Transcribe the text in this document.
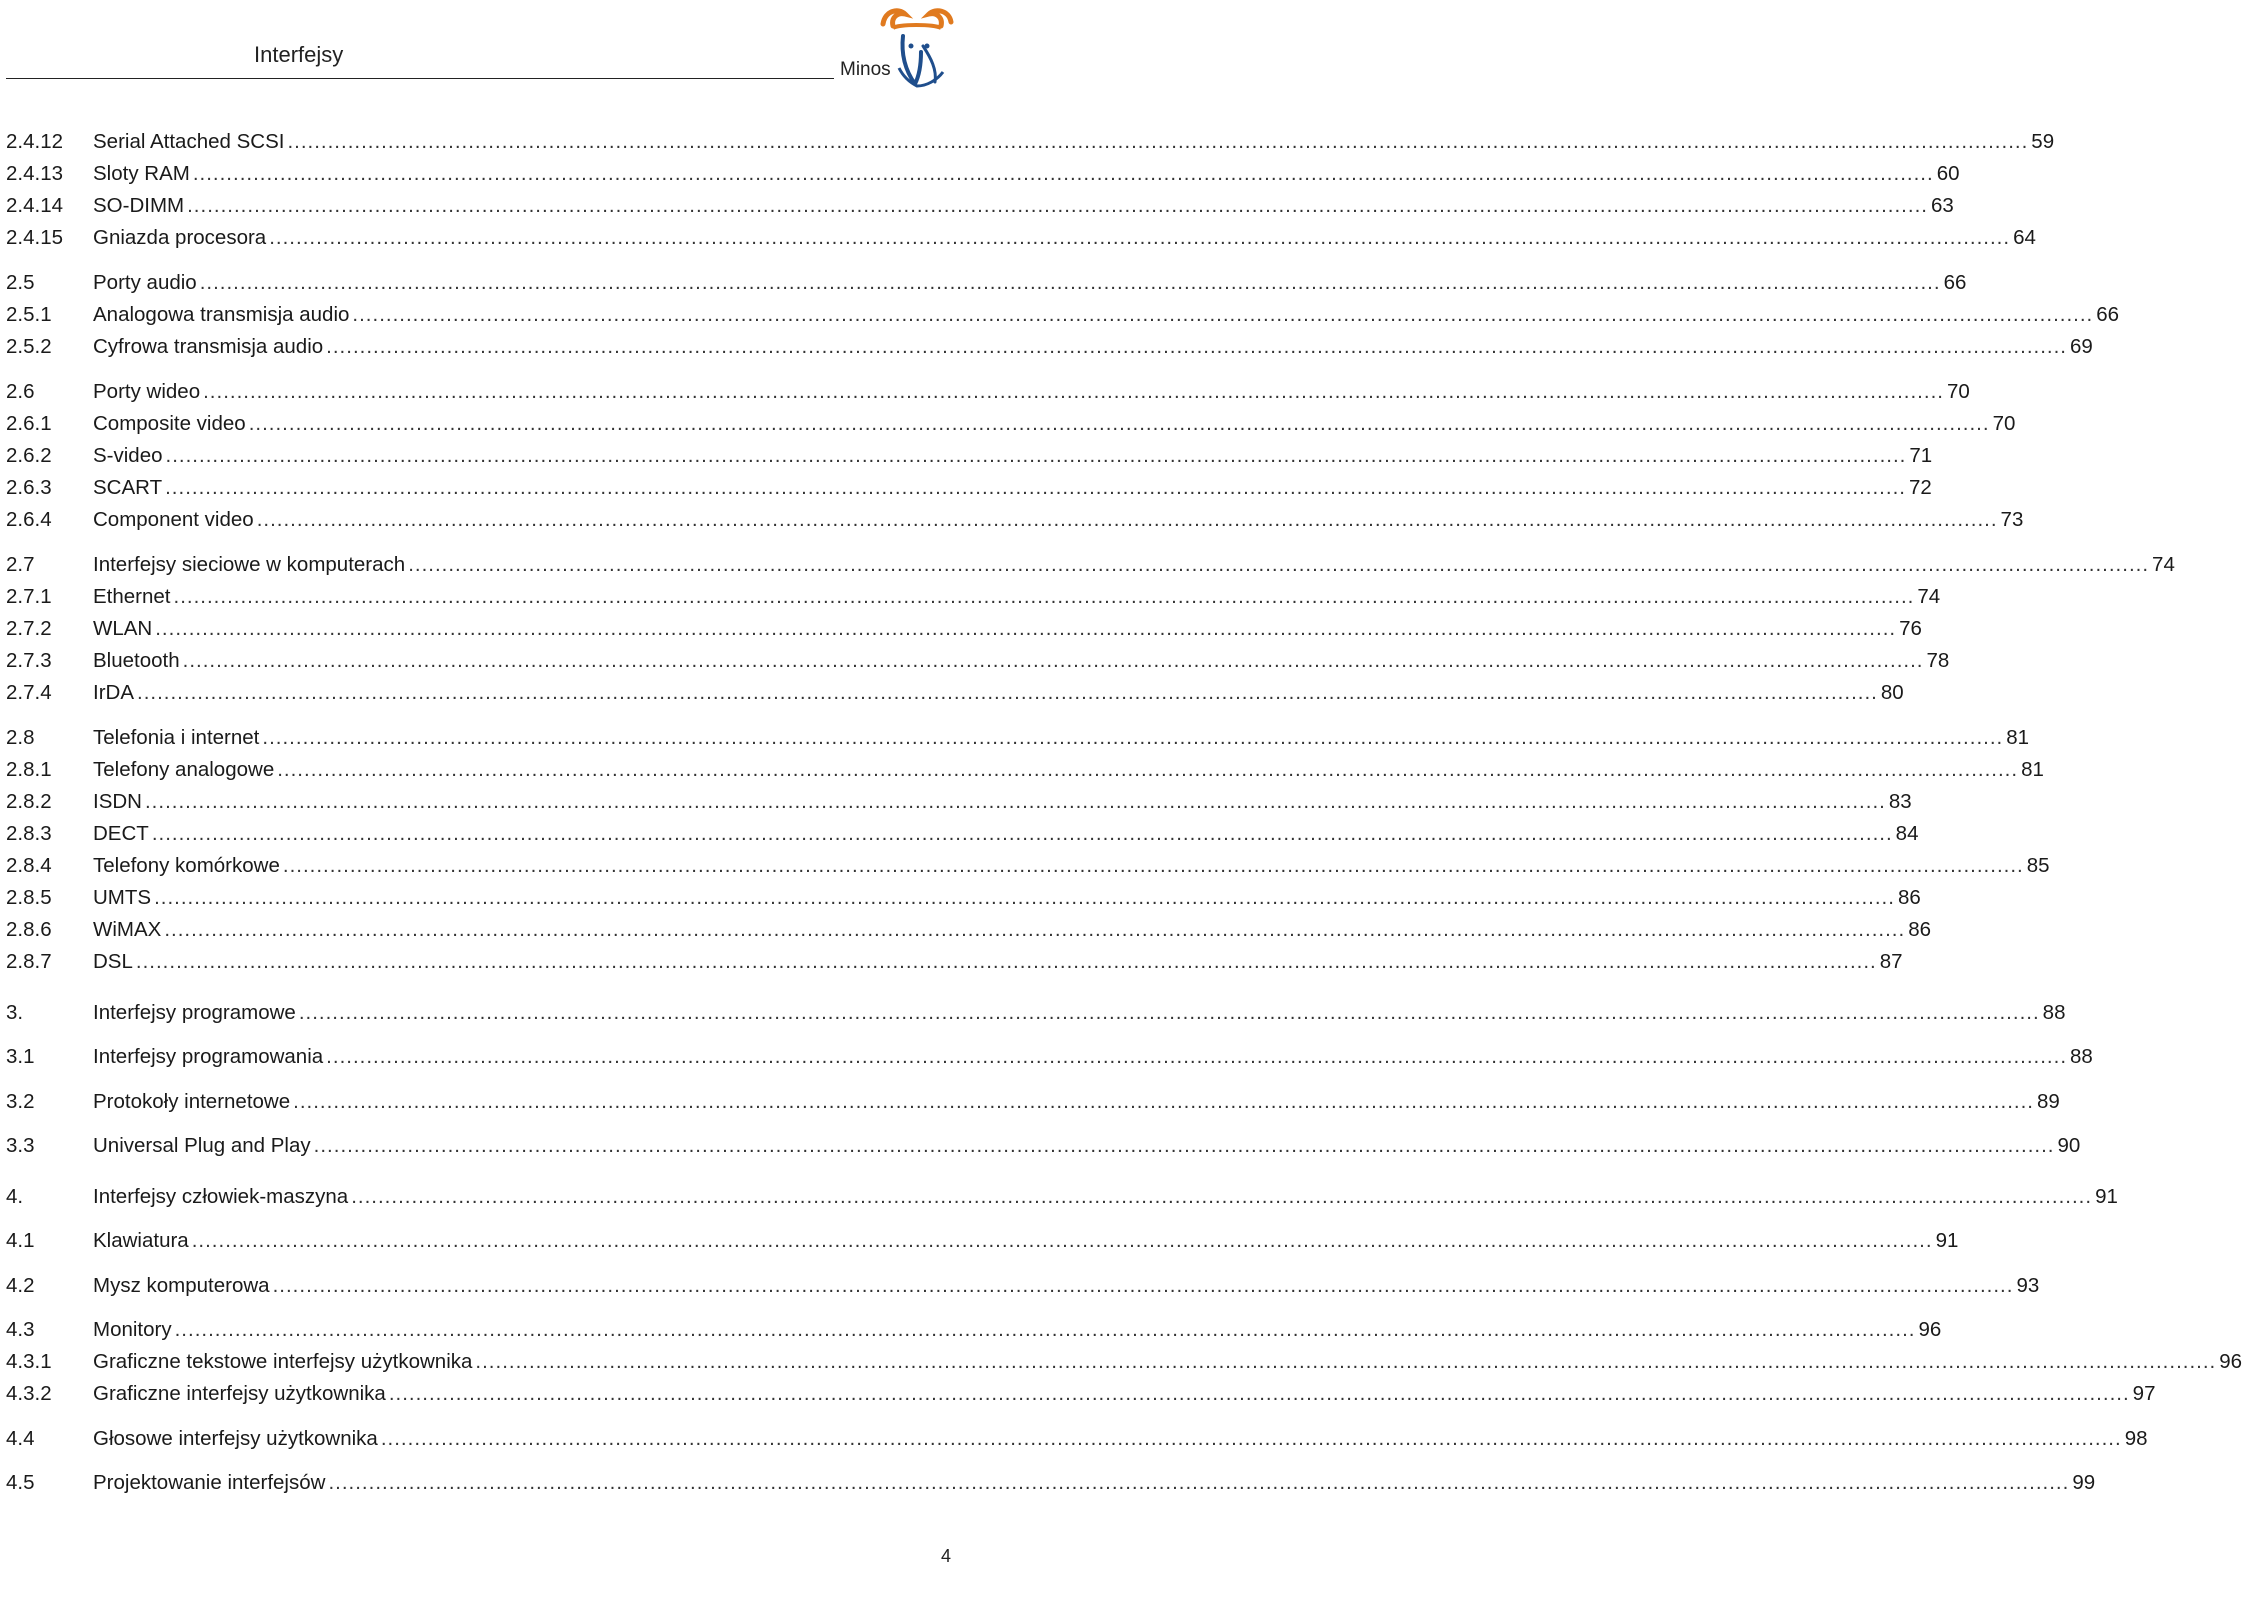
Interfejsy
Minos
2.4.12	Serial Attached SCSI .................................................................................................................................................................................................................................................................... 59
2.4.13	Sloty RAM .................................................................................................................................................................................................................................................................... 60
2.4.14	SO-DIMM .................................................................................................................................................................................................................................................................... 63
2.4.15	Gniazda procesora .................................................................................................................................................................................................................................................................... 64
2.5	Porty audio .................................................................................................................................................................................................................................................................... 66
2.5.1	Analogowa transmisja audio .................................................................................................................................................................................................................................................................... 66
2.5.2	Cyfrowa transmisja audio .................................................................................................................................................................................................................................................................... 69
2.6	Porty wideo .................................................................................................................................................................................................................................................................... 70
2.6.1	Composite video .................................................................................................................................................................................................................................................................... 70
2.6.2	S-video .................................................................................................................................................................................................................................................................... 71
2.6.3	SCART .................................................................................................................................................................................................................................................................... 72
2.6.4	Component video .................................................................................................................................................................................................................................................................... 73
2.7	Interfejsy sieciowe w komputerach .................................................................................................................................................................................................................................................................... 74
2.7.1	Ethernet .................................................................................................................................................................................................................................................................... 74
2.7.2	WLAN .................................................................................................................................................................................................................................................................... 76
2.7.3	Bluetooth .................................................................................................................................................................................................................................................................... 78
2.7.4	IrDA .................................................................................................................................................................................................................................................................... 80
2.8	Telefonia i internet .................................................................................................................................................................................................................................................................... 81
2.8.1	Telefony analogowe .................................................................................................................................................................................................................................................................... 81
2.8.2	ISDN .................................................................................................................................................................................................................................................................... 83
2.8.3	DECT .................................................................................................................................................................................................................................................................... 84
2.8.4	Telefony komórkowe .................................................................................................................................................................................................................................................................... 85
2.8.5	UMTS .................................................................................................................................................................................................................................................................... 86
2.8.6	WiMAX .................................................................................................................................................................................................................................................................... 86
2.8.7	DSL .................................................................................................................................................................................................................................................................... 87
3.	Interfejsy programowe .................................................................................................................................................................................................................................................................... 88
3.1	Interfejsy programowania .................................................................................................................................................................................................................................................................... 88
3.2	Protokoły internetowe .................................................................................................................................................................................................................................................................... 89
3.3	Universal Plug and Play .................................................................................................................................................................................................................................................................... 90
4.	Interfejsy człowiek-maszyna .................................................................................................................................................................................................................................................................... 91
4.1	Klawiatura .................................................................................................................................................................................................................................................................... 91
4.2	Mysz komputerowa .................................................................................................................................................................................................................................................................... 93
4.3	Monitory .................................................................................................................................................................................................................................................................... 96
4.3.1	Graficzne tekstowe interfejsy użytkownika .................................................................................................................................................................................................................................................................... 96
4.3.2	Graficzne interfejsy użytkownika .................................................................................................................................................................................................................................................................... 97
4.4	Głosowe interfejsy użytkownika .................................................................................................................................................................................................................................................................... 98
4.5	Projektowanie interfejsów .................................................................................................................................................................................................................................................................... 99
4
